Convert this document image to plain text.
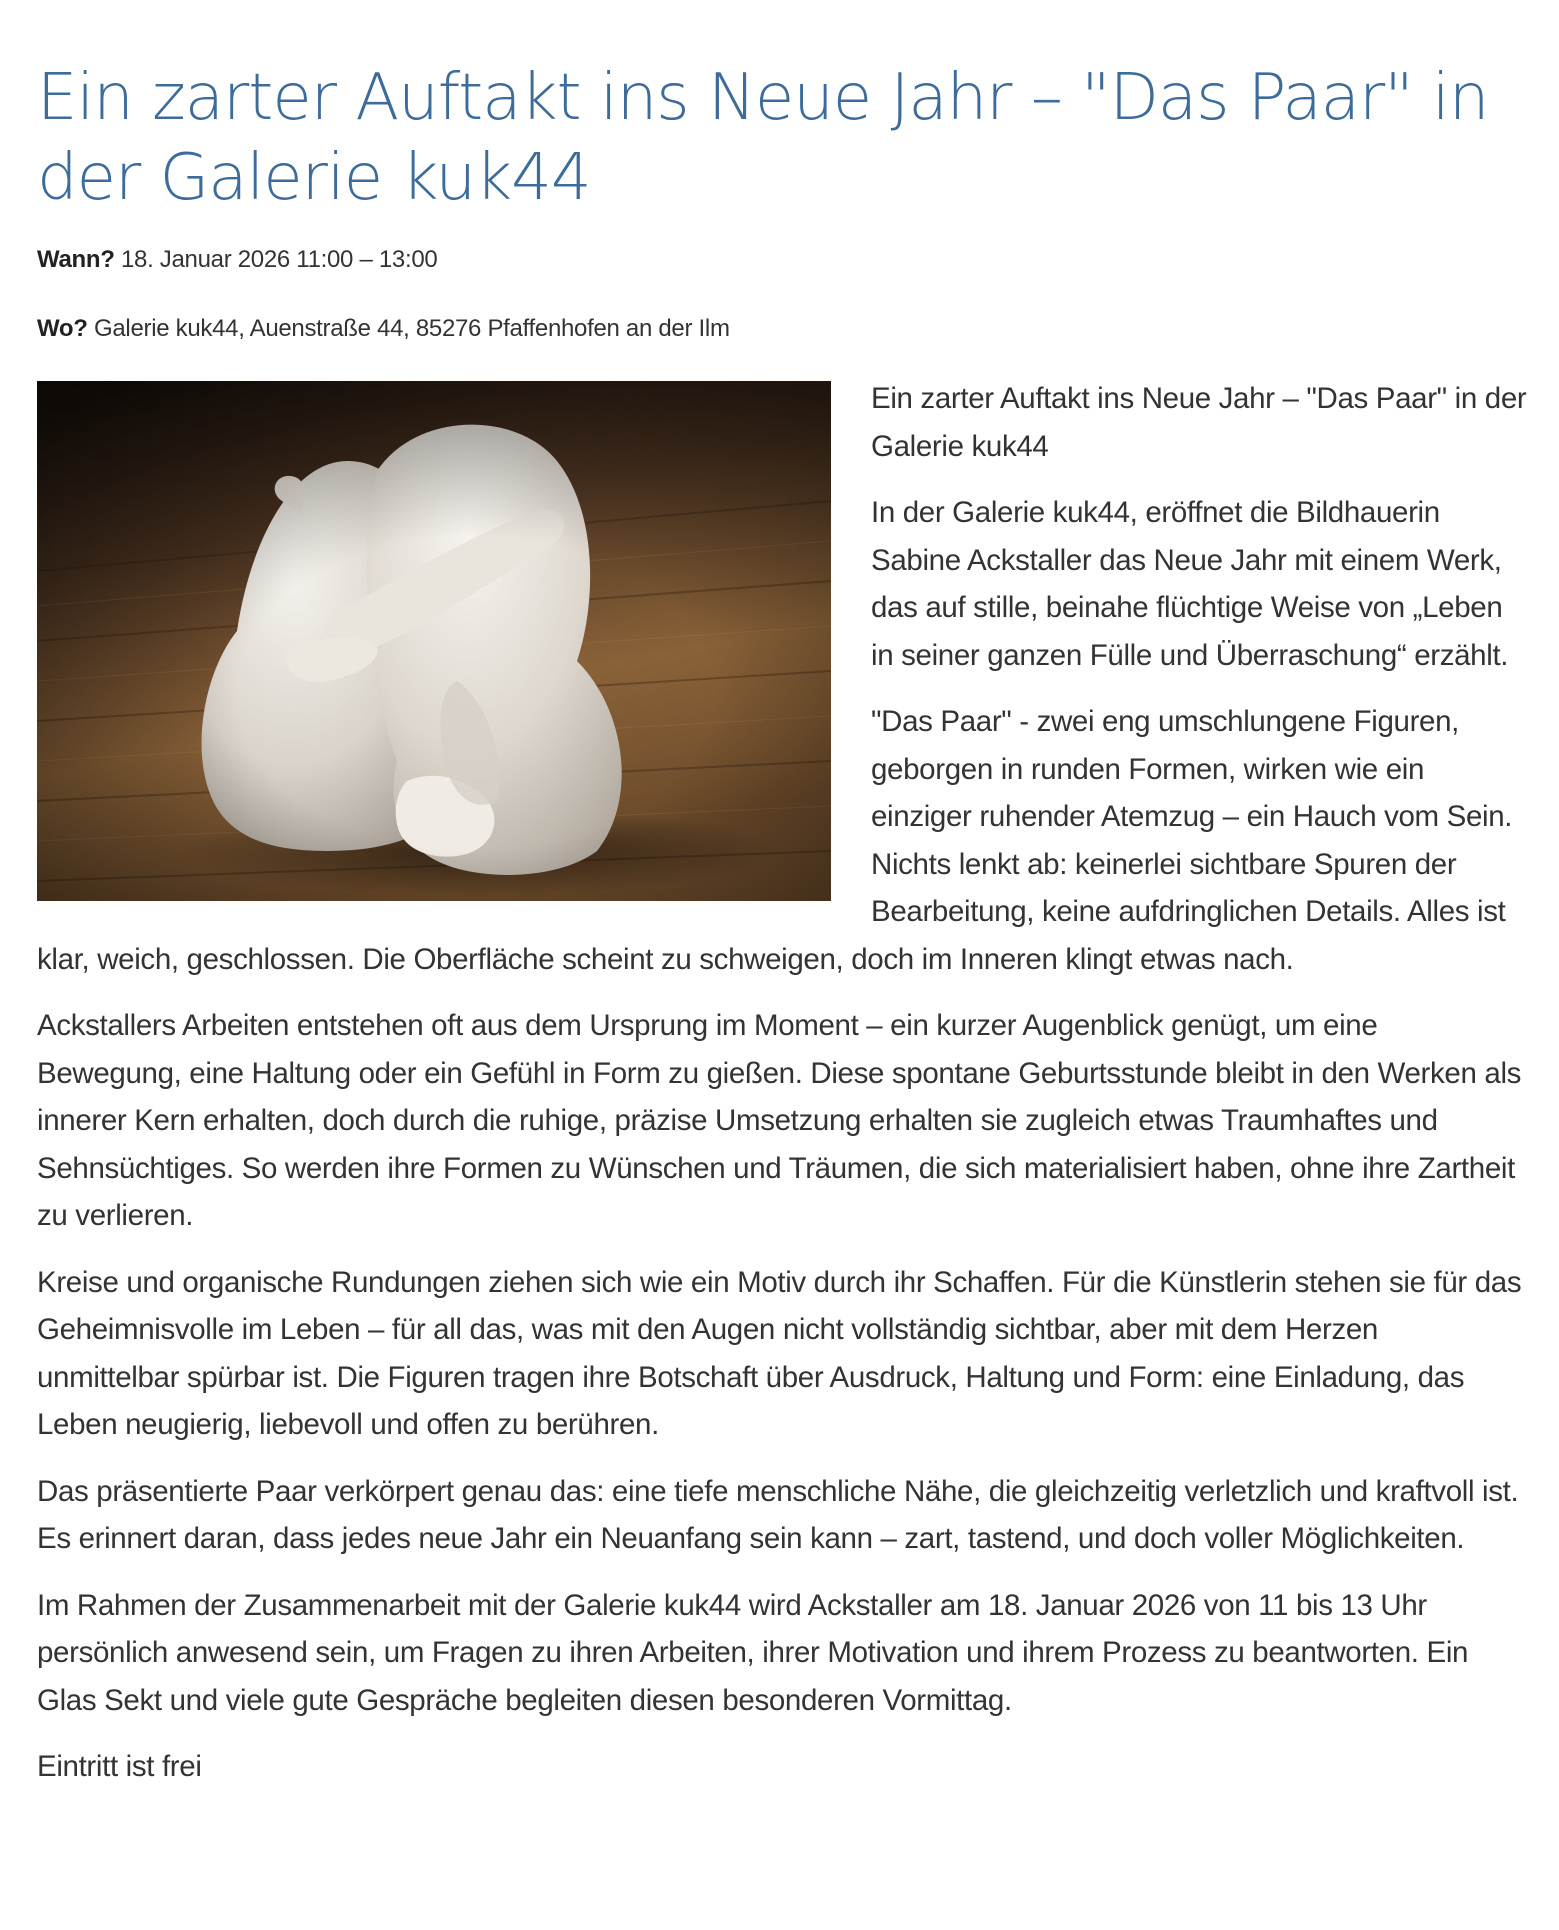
Ein zarter Auftakt ins Neue Jahr – "Das Paar" in der Galerie kuk44
Wann? 18. Januar 2026 11:00 – 13:00
Wo? Galerie kuk44, Auenstraße 44, 85276 Pfaffenhofen an der Ilm

Ein zarter Auftakt ins Neue Jahr – "Das Paar" in der Galerie kuk44

In der Galerie kuk44, eröffnet die Bildhauerin Sabine Ackstaller das Neue Jahr mit einem Werk, das auf stille, beinahe flüchtige Weise von „Leben in seiner ganzen Fülle und Überraschung“ erzählt.

"Das Paar" - zwei eng umschlungene Figuren, geborgen in runden Formen, wirken wie ein einziger ruhender Atemzug – ein Hauch vom Sein. Nichts lenkt ab: keinerlei sichtbare Spuren der Bearbeitung, keine aufdringlichen Details. Alles ist klar, weich, geschlossen. Die Oberfläche scheint zu schweigen, doch im Inneren klingt etwas nach.

Ackstallers Arbeiten entstehen oft aus dem Ursprung im Moment – ein kurzer Augenblick genügt, um eine Bewegung, eine Haltung oder ein Gefühl in Form zu gießen. Diese spontane Geburtsstunde bleibt in den Werken als innerer Kern erhalten, doch durch die ruhige, präzise Umsetzung erhalten sie zugleich etwas Traumhaftes und Sehnsüchtiges. So werden ihre Formen zu Wünschen und Träumen, die sich materialisiert haben, ohne ihre Zartheit zu verlieren.

Kreise und organische Rundungen ziehen sich wie ein Motiv durch ihr Schaffen. Für die Künstlerin stehen sie für das Geheimnisvolle im Leben – für all das, was mit den Augen nicht vollständig sichtbar, aber mit dem Herzen unmittelbar spürbar ist. Die Figuren tragen ihre Botschaft über Ausdruck, Haltung und Form: eine Einladung, das Leben neugierig, liebevoll und offen zu berühren.

Das präsentierte Paar verkörpert genau das: eine tiefe menschliche Nähe, die gleichzeitig verletzlich und kraftvoll ist. Es erinnert daran, dass jedes neue Jahr ein Neuanfang sein kann – zart, tastend, und doch voller Möglichkeiten.

Im Rahmen der Zusammenarbeit mit der Galerie kuk44 wird Ackstaller am 18. Januar 2026 von 11 bis 13 Uhr persönlich anwesend sein, um Fragen zu ihren Arbeiten, ihrer Motivation und ihrem Prozess zu beantworten. Ein Glas Sekt und viele gute Gespräche begleiten diesen besonderen Vormittag.

Eintritt ist frei
